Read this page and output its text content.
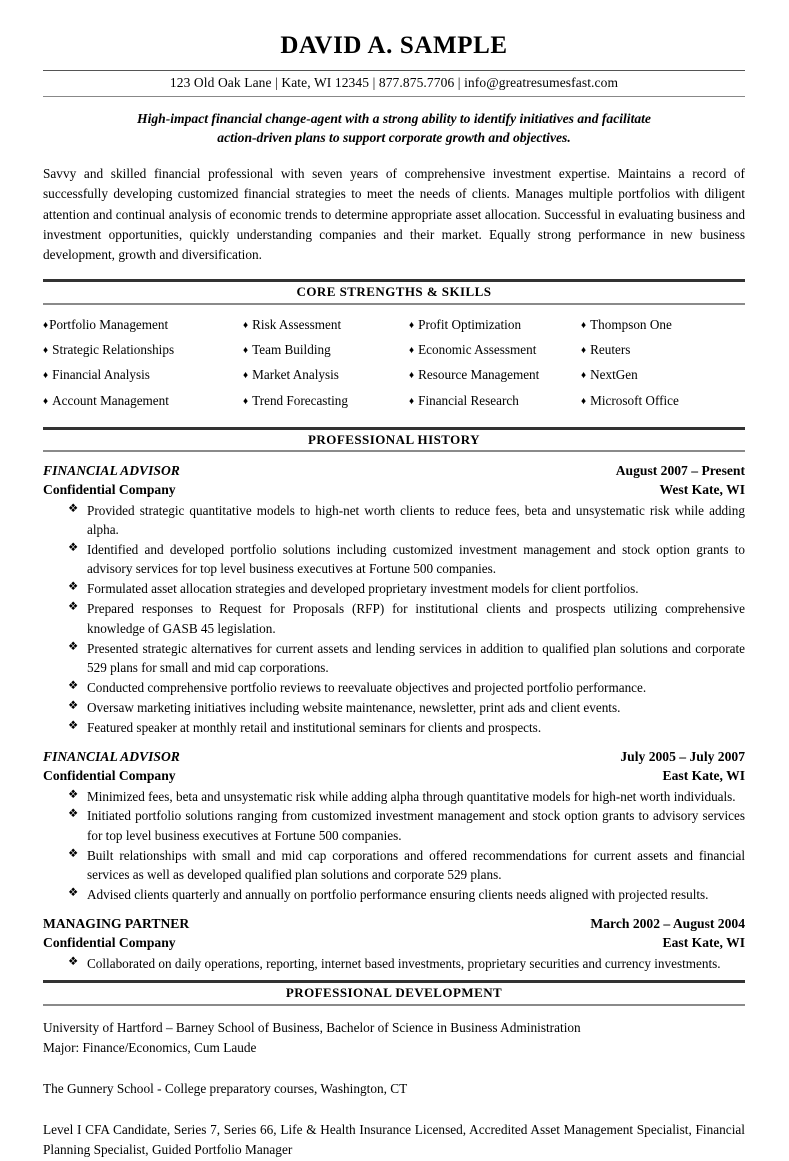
DAVID A. SAMPLE
123 Old Oak Lane | Kate, WI 12345 | 877.875.7706 | info@greatresumesfast.com
High-impact financial change-agent with a strong ability to identify initiatives and facilitate
action-driven plans to support corporate growth and objectives.
Savvy and skilled financial professional with seven years of comprehensive investment expertise. Maintains a record of successfully developing customized financial strategies to meet the needs of clients. Manages multiple portfolios with diligent attention and continual analysis of economic trends to determine appropriate asset allocation. Successful in evaluating business and investment opportunities, quickly understanding companies and their market. Equally strong performance in new business development, growth and diversification.
CORE STRENGTHS & SKILLS
♦Portfolio Management	♦ Risk Assessment	♦ Profit Optimization	♦ Thompson One
♦ Strategic Relationships	♦ Team Building	♦ Economic Assessment	♦ Reuters
♦ Financial Analysis	♦ Market Analysis	♦ Resource Management	♦ NextGen
♦ Account Management	♦ Trend Forecasting	♦ Financial Research	♦ Microsoft Office
PROFESSIONAL HISTORY
FINANCIAL ADVISOR	August 2007 – Present
Confidential Company	West Kate, WI
❖ Provided strategic quantitative models to high-net worth clients to reduce fees, beta and unsystematic risk while adding alpha.
❖ Identified and developed portfolio solutions including customized investment management and stock option grants to advisory services for top level business executives at Fortune 500 companies.
❖ Formulated asset allocation strategies and developed proprietary investment models for client portfolios.
❖ Prepared responses to Request for Proposals (RFP) for institutional clients and prospects utilizing comprehensive knowledge of GASB 45 legislation.
❖ Presented strategic alternatives for current assets and lending services in addition to qualified plan solutions and corporate 529 plans for small and mid cap corporations.
❖ Conducted comprehensive portfolio reviews to reevaluate objectives and projected portfolio performance.
❖ Oversaw marketing initiatives including website maintenance, newsletter, print ads and client events.
❖ Featured speaker at monthly retail and institutional seminars for clients and prospects.
FINANCIAL ADVISOR	July 2005 – July 2007
Confidential Company	East Kate, WI
❖ Minimized fees, beta and unsystematic risk while adding alpha through quantitative models for high-net worth individuals.
❖ Initiated portfolio solutions ranging from customized investment management and stock option grants to advisory services for top level business executives at Fortune 500 companies.
❖ Built relationships with small and mid cap corporations and offered recommendations for current assets and financial services as well as developed qualified plan solutions and corporate 529 plans.
❖ Advised clients quarterly and annually on portfolio performance ensuring clients needs aligned with projected results.
MANAGING PARTNER	March 2002 – August 2004
Confidential Company	East Kate, WI
❖ Collaborated on daily operations, reporting, internet based investments, proprietary securities and currency investments.
PROFESSIONAL DEVELOPMENT
University of Hartford – Barney School of Business, Bachelor of Science in Business Administration
Major: Finance/Economics, Cum Laude
The Gunnery School - College preparatory courses, Washington, CT
Level I CFA Candidate, Series 7, Series 66, Life & Health Insurance Licensed, Accredited Asset Management Specialist, Financial Planning Specialist, Guided Portfolio Manager
